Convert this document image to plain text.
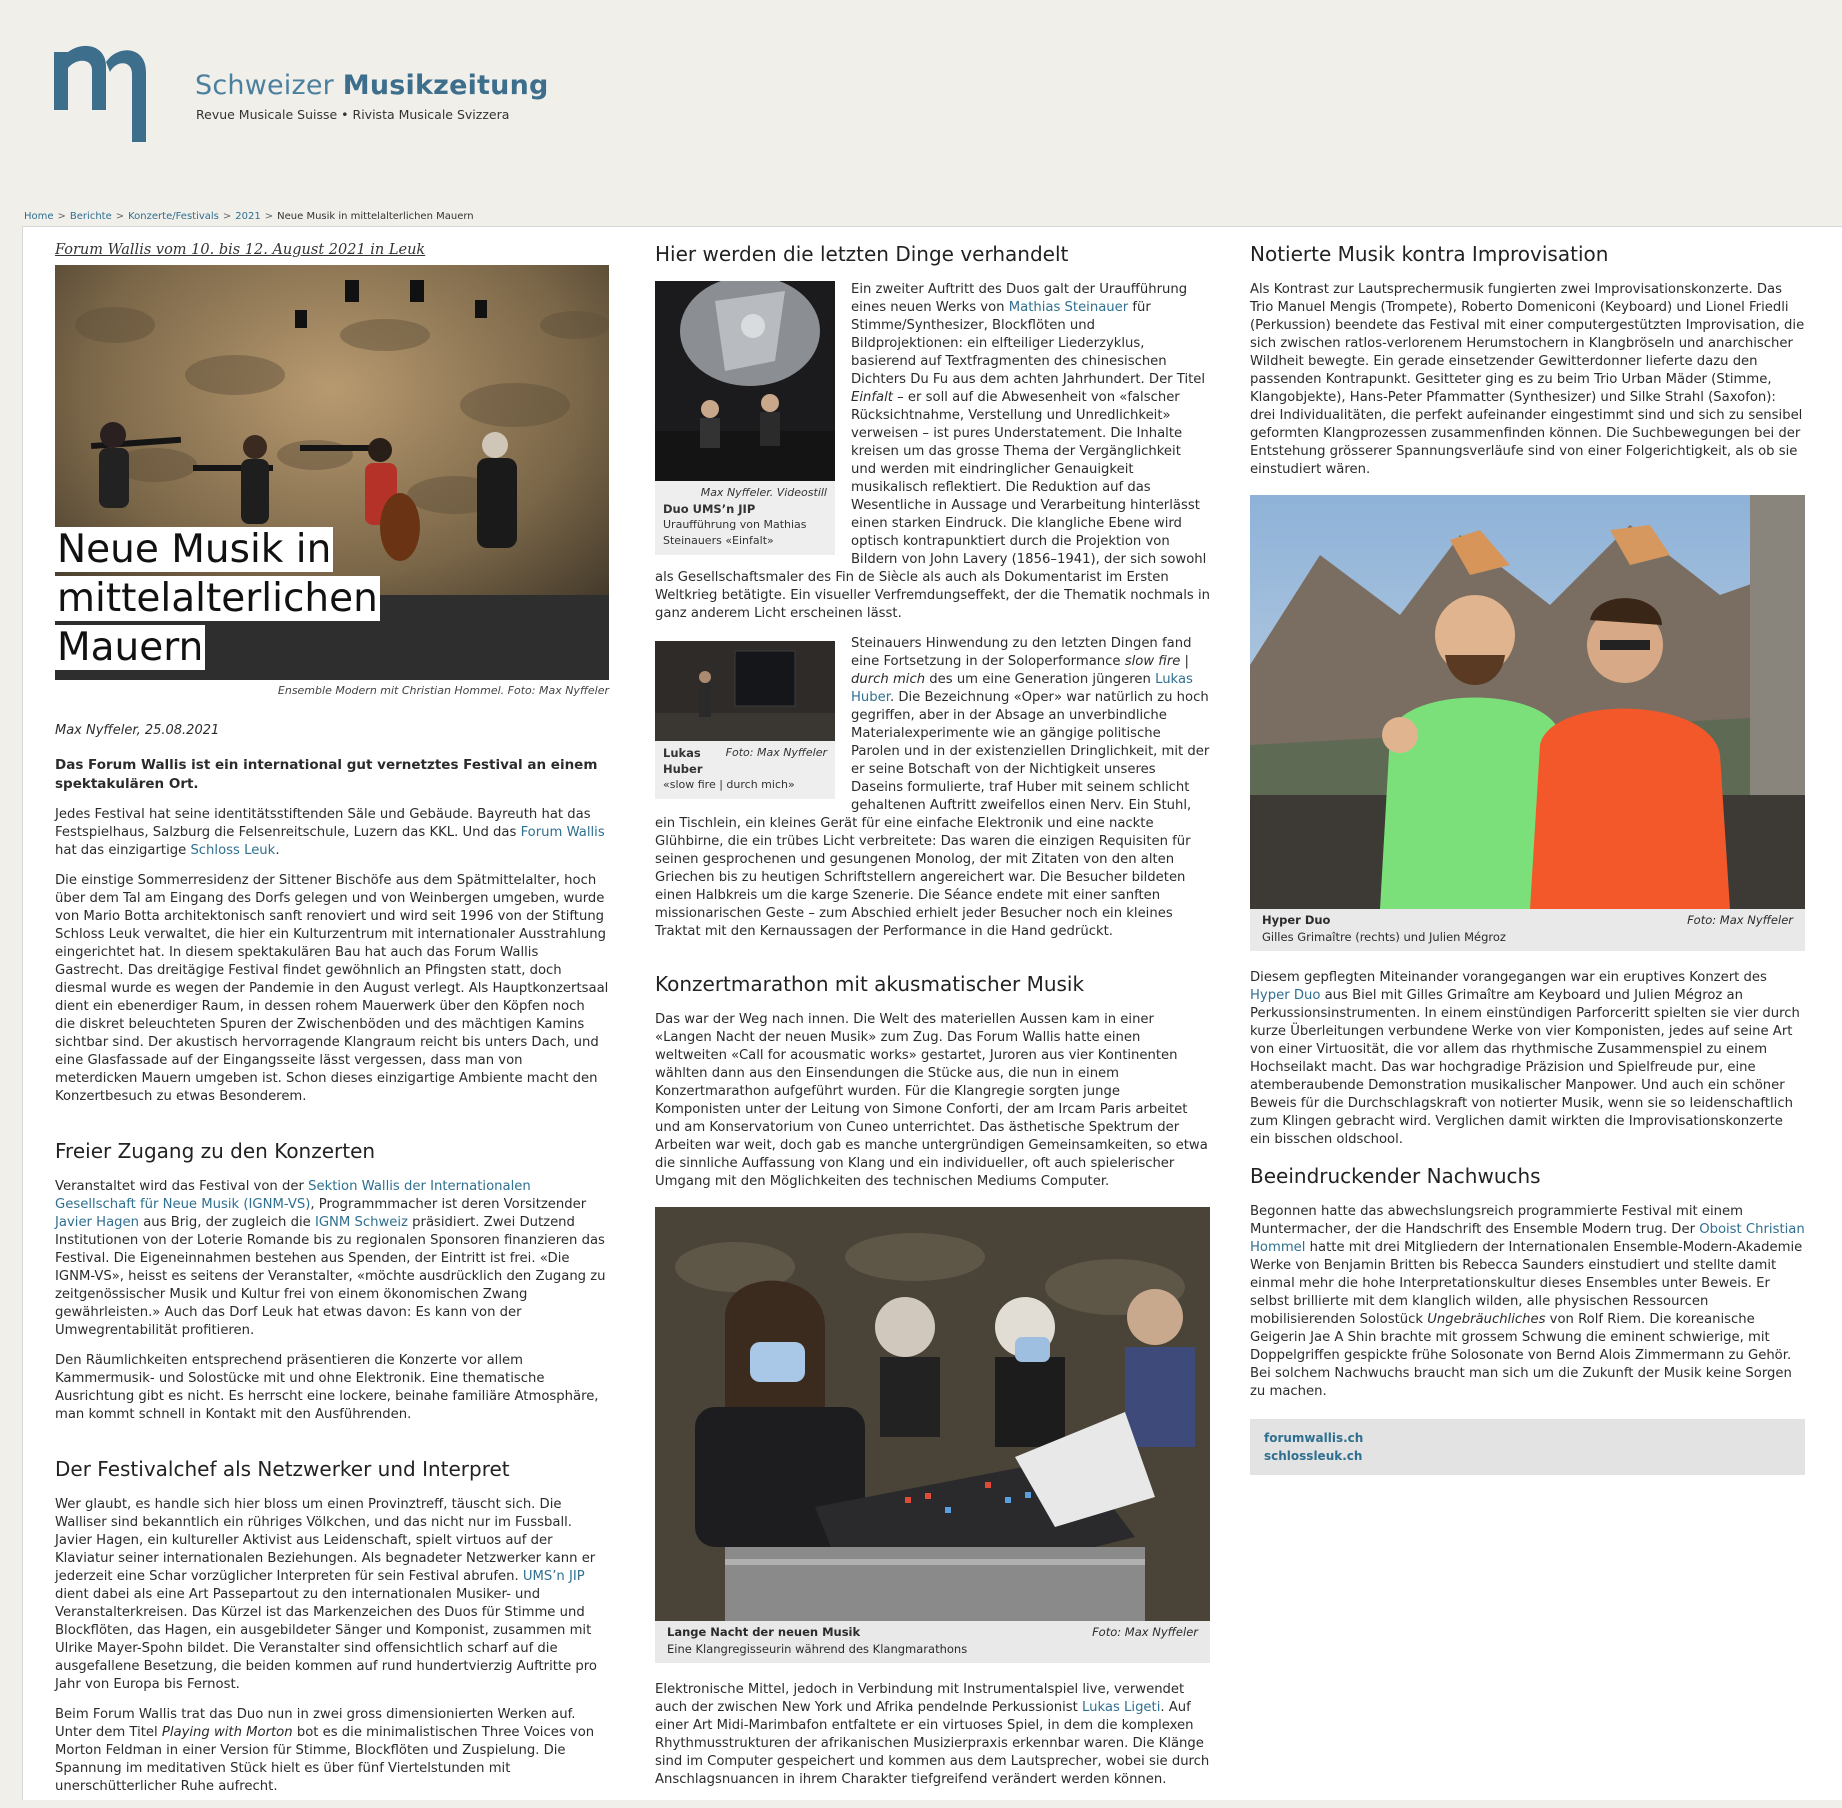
Schweizer Musikzeitung
Revue Musicale Suisse • Rivista Musicale Svizzera
Home > Berichte > Konzerte/Festivals > 2021 > Neue Musik in mittelalterlichen Mauern
Forum Wallis vom 10. bis 12. August 2021 in Leuk
Neue Musik in
mittelalterlichen
Mauern
Ensemble Modern mit Christian Hommel. Foto: Max Nyffeler
Max Nyffeler, 25.08.2021
Das Forum Wallis ist ein international gut vernetztes Festival an einem spektakulären Ort.

Jedes Festival hat seine identitätsstiftenden Säle und Gebäude. Bayreuth hat das Festspielhaus, Salzburg die Felsenreitschule, Luzern das KKL. Und das Forum Wallis hat das einzigartige Schloss Leuk.

Die einstige Sommerresidenz der Sittener Bischöfe aus dem Spätmittelalter, hoch über dem Tal am Eingang des Dorfs gelegen und von Weinbergen umgeben, wurde von Mario Botta architektonisch sanft renoviert und wird seit 1996 von der Stiftung Schloss Leuk verwaltet, die hier ein Kulturzentrum mit internationaler Ausstrahlung eingerichtet hat. In diesem spektakulären Bau hat auch das Forum Wallis Gastrecht. Das dreitägige Festival findet gewöhnlich an Pfingsten statt, doch diesmal wurde es wegen der Pandemie in den August verlegt. Als Hauptkonzertsaal dient ein ebenerdiger Raum, in dessen rohem Mauerwerk über den Köpfen noch die diskret beleuchteten Spuren der Zwischenböden und des mächtigen Kamins sichtbar sind. Der akustisch hervorragende Klangraum reicht bis unters Dach, und eine Glasfassade auf der Eingangsseite lässt vergessen, dass man von meterdicken Mauern umgeben ist. Schon dieses einzigartige Ambiente macht den Konzertbesuch zu etwas Besonderem.

Freier Zugang zu den Konzerten

Veranstaltet wird das Festival von der Sektion Wallis der Internationalen Gesellschaft für Neue Musik (IGNM-VS), Programmmacher ist deren Vorsitzender Javier Hagen aus Brig, der zugleich die IGNM Schweiz präsidiert. Zwei Dutzend Institutionen von der Loterie Romande bis zu regionalen Sponsoren finanzieren das Festival. Die Eigeneinnahmen bestehen aus Spenden, der Eintritt ist frei. «Die IGNM-VS», heisst es seitens der Veranstalter, «möchte ausdrücklich den Zugang zu zeitgenössischer Musik und Kultur frei von einem ökonomischen Zwang gewährleisten.» Auch das Dorf Leuk hat etwas davon: Es kann von der Umwegrentabilität profitieren.

Den Räumlichkeiten entsprechend präsentieren die Konzerte vor allem Kammermusik- und Solostücke mit und ohne Elektronik. Eine thematische Ausrichtung gibt es nicht. Es herrscht eine lockere, beinahe familiäre Atmosphäre, man kommt schnell in Kontakt mit den Ausführenden.

Der Festivalchef als Netzwerker und Interpret

Wer glaubt, es handle sich hier bloss um einen Provinztreff, täuscht sich. Die Walliser sind bekanntlich ein rühriges Völkchen, und das nicht nur im Fussball. Javier Hagen, ein kultureller Aktivist aus Leidenschaft, spielt virtuos auf der Klaviatur seiner internationalen Beziehungen. Als begnadeter Netzwerker kann er jederzeit eine Schar vorzüglicher Interpreten für sein Festival abrufen. UMS’n JIP dient dabei als eine Art Passepartout zu den internationalen Musiker- und Veranstalterkreisen. Das Kürzel ist das Markenzeichen des Duos für Stimme und Blockflöten, das Hagen, ein ausgebildeter Sänger und Komponist, zusammen mit Ulrike Mayer-Spohn bildet. Die Veranstalter sind offensichtlich scharf auf die ausgefallene Besetzung, die beiden kommen auf rund hundertvierzig Auftritte pro Jahr von Europa bis Fernost.

Beim Forum Wallis trat das Duo nun in zwei gross dimensionierten Werken auf. Unter dem Titel Playing with Morton bot es die minimalistischen Three Voices von Morton Feldman in einer Version für Stimme, Blockflöten und Zuspielung. Die Spannung im meditativen Stück hielt es über fünf Viertelstunden mit unerschütterlicher Ruhe aufrecht.

Hier werden die letzten Dinge verhandelt
Max Nyffeler. Videostill
Duo UMS’n JIP
Uraufführung von Mathias Steinauers «Einfalt»

Ein zweiter Auftritt des Duos galt der Uraufführung eines neuen Werks von Mathias Steinauer für Stimme/Synthesizer, Blockflöten und Bildprojektionen: ein elfteiliger Liederzyklus, basierend auf Textfragmenten des chinesischen Dichters Du Fu aus dem achten Jahrhundert. Der Titel Einfalt – er soll auf die Abwesenheit von «falscher Rücksichtnahme, Verstellung und Unredlichkeit» verweisen – ist pures Understatement. Die Inhalte kreisen um das grosse Thema der Vergänglichkeit und werden mit eindringlicher Genauigkeit musikalisch reflektiert. Die Reduktion auf das Wesentliche in Aussage und Verarbeitung hinterlässt einen starken Eindruck. Die klangliche Ebene wird optisch kontrapunktiert durch die Projektion von Bildern von John Lavery (1856–1941), der sich sowohl als Gesellschaftsmaler des Fin de Siècle als auch als Dokumentarist im Ersten Weltkrieg betätigte. Ein visueller Verfremdungseffekt, der die Thematik nochmals in ganz anderem Licht erscheinen lässt.

Foto: Max Nyffeler
Lukas Huber
«slow fire | durch mich»

Steinauers Hinwendung zu den letzten Dingen fand eine Fortsetzung in der Soloperformance slow fire | durch mich des um eine Generation jüngeren Lukas Huber. Die Bezeichnung «Oper» war natürlich zu hoch gegriffen, aber in der Absage an unverbindliche Materialexperimente wie an gängige politische Parolen und in der existenziellen Dringlichkeit, mit der er seine Botschaft von der Nichtigkeit unseres Daseins formulierte, traf Huber mit seinem schlicht gehaltenen Auftritt zweifellos einen Nerv. Ein Stuhl, ein Tischlein, ein kleines Gerät für eine einfache Elektronik und eine nackte Glühbirne, die ein trübes Licht verbreitete: Das waren die einzigen Requisiten für seinen gesprochenen und gesungenen Monolog, der mit Zitaten von den alten Griechen bis zu heutigen Schriftstellern angereichert war. Die Besucher bildeten einen Halbkreis um die karge Szenerie. Die Séance endete mit einer sanften missionarischen Geste – zum Abschied erhielt jeder Besucher noch ein kleines Traktat mit den Kernaussagen der Performance in die Hand gedrückt.

Konzertmarathon mit akusmatischer Musik

Das war der Weg nach innen. Die Welt des materiellen Aussen kam in einer «Langen Nacht der neuen Musik» zum Zug. Das Forum Wallis hatte einen weltweiten «Call for acousmatic works» gestartet, Juroren aus vier Kontinenten wählten dann aus den Einsendungen die Stücke aus, die nun in einem Konzertmarathon aufgeführt wurden. Für die Klangregie sorgten junge Komponisten unter der Leitung von Simone Conforti, der am Ircam Paris arbeitet und am Konservatorium von Cuneo unterrichtet. Das ästhetische Spektrum der Arbeiten war weit, doch gab es manche untergründigen Gemeinsamkeiten, so etwa die sinnliche Auffassung von Klang und ein individueller, oft auch spielerischer Umgang mit den Möglichkeiten des technischen Mediums Computer.

Foto: Max Nyffeler
Lange Nacht der neuen Musik
Eine Klangregisseurin während des Klangmarathons

Elektronische Mittel, jedoch in Verbindung mit Instrumentalspiel live, verwendet auch der zwischen New York und Afrika pendelnde Perkussionist Lukas Ligeti. Auf einer Art Midi-Marimbafon entfaltete er ein virtuoses Spiel, in dem die komplexen Rhythmusstrukturen der afrikanischen Musizierpraxis erkennbar waren. Die Klänge sind im Computer gespeichert und kommen aus dem Lautsprecher, wobei sie durch Anschlagsnuancen in ihrem Charakter tiefgreifend verändert werden können.

Notierte Musik kontra Improvisation

Als Kontrast zur Lautsprechermusik fungierten zwei Improvisationskonzerte. Das Trio Manuel Mengis (Trompete), Roberto Domeniconi (Keyboard) und Lionel Friedli (Perkussion) beendete das Festival mit einer computergestützten Improvisation, die sich zwischen ratlos-verlorenem Herumstochern in Klangbröseln und anarchischer Wildheit bewegte. Ein gerade einsetzender Gewitterdonner lieferte dazu den passenden Kontrapunkt. Gesitteter ging es zu beim Trio Urban Mäder (Stimme, Klangobjekte), Hans-Peter Pfammatter (Synthesizer) und Silke Strahl (Saxofon): drei Individualitäten, die perfekt aufeinander eingestimmt sind und sich zu sensibel geformten Klangprozessen zusammenfinden können. Die Suchbewegungen bei der Entstehung grösserer Spannungsverläufe sind von einer Folgerichtigkeit, als ob sie einstudiert wären.

Foto: Max Nyffeler
Hyper Duo
Gilles Grimaître (rechts) und Julien Mégroz

Diesem gepflegten Miteinander vorangegangen war ein eruptives Konzert des Hyper Duo aus Biel mit Gilles Grimaître am Keyboard und Julien Mégroz an Perkussionsinstrumenten. In einem einstündigen Parforceritt spielten sie vier durch kurze Überleitungen verbundene Werke von vier Komponisten, jedes auf seine Art von einer Virtuosität, die vor allem das rhythmische Zusammenspiel zu einem Hochseilakt macht. Das war hochgradige Präzision und Spielfreude pur, eine atemberaubende Demonstration musikalischer Manpower. Und auch ein schöner Beweis für die Durchschlagskraft von notierter Musik, wenn sie so leidenschaftlich zum Klingen gebracht wird. Verglichen damit wirkten die Improvisationskonzerte ein bisschen oldschool.

Beeindruckender Nachwuchs

Begonnen hatte das abwechslungsreich programmierte Festival mit einem Muntermacher, der die Handschrift des Ensemble Modern trug. Der Oboist Christian Hommel hatte mit drei Mitgliedern der Internationalen Ensemble-Modern-Akademie Werke von Benjamin Britten bis Rebecca Saunders einstudiert und stellte damit einmal mehr die hohe Interpretationskultur dieses Ensembles unter Beweis. Er selbst brillierte mit dem klanglich wilden, alle physischen Ressourcen mobilisierenden Solostück Ungebräuchliches von Rolf Riem. Die koreanische Geigerin Jae A Shin brachte mit grossem Schwung die eminent schwierige, mit Doppelgriffen gespickte frühe Solosonate von Bernd Alois Zimmermann zu Gehör. Bei solchem Nachwuchs braucht man sich um die Zukunft der Musik keine Sorgen zu machen.

forumwallis.ch
schlossleuk.ch
